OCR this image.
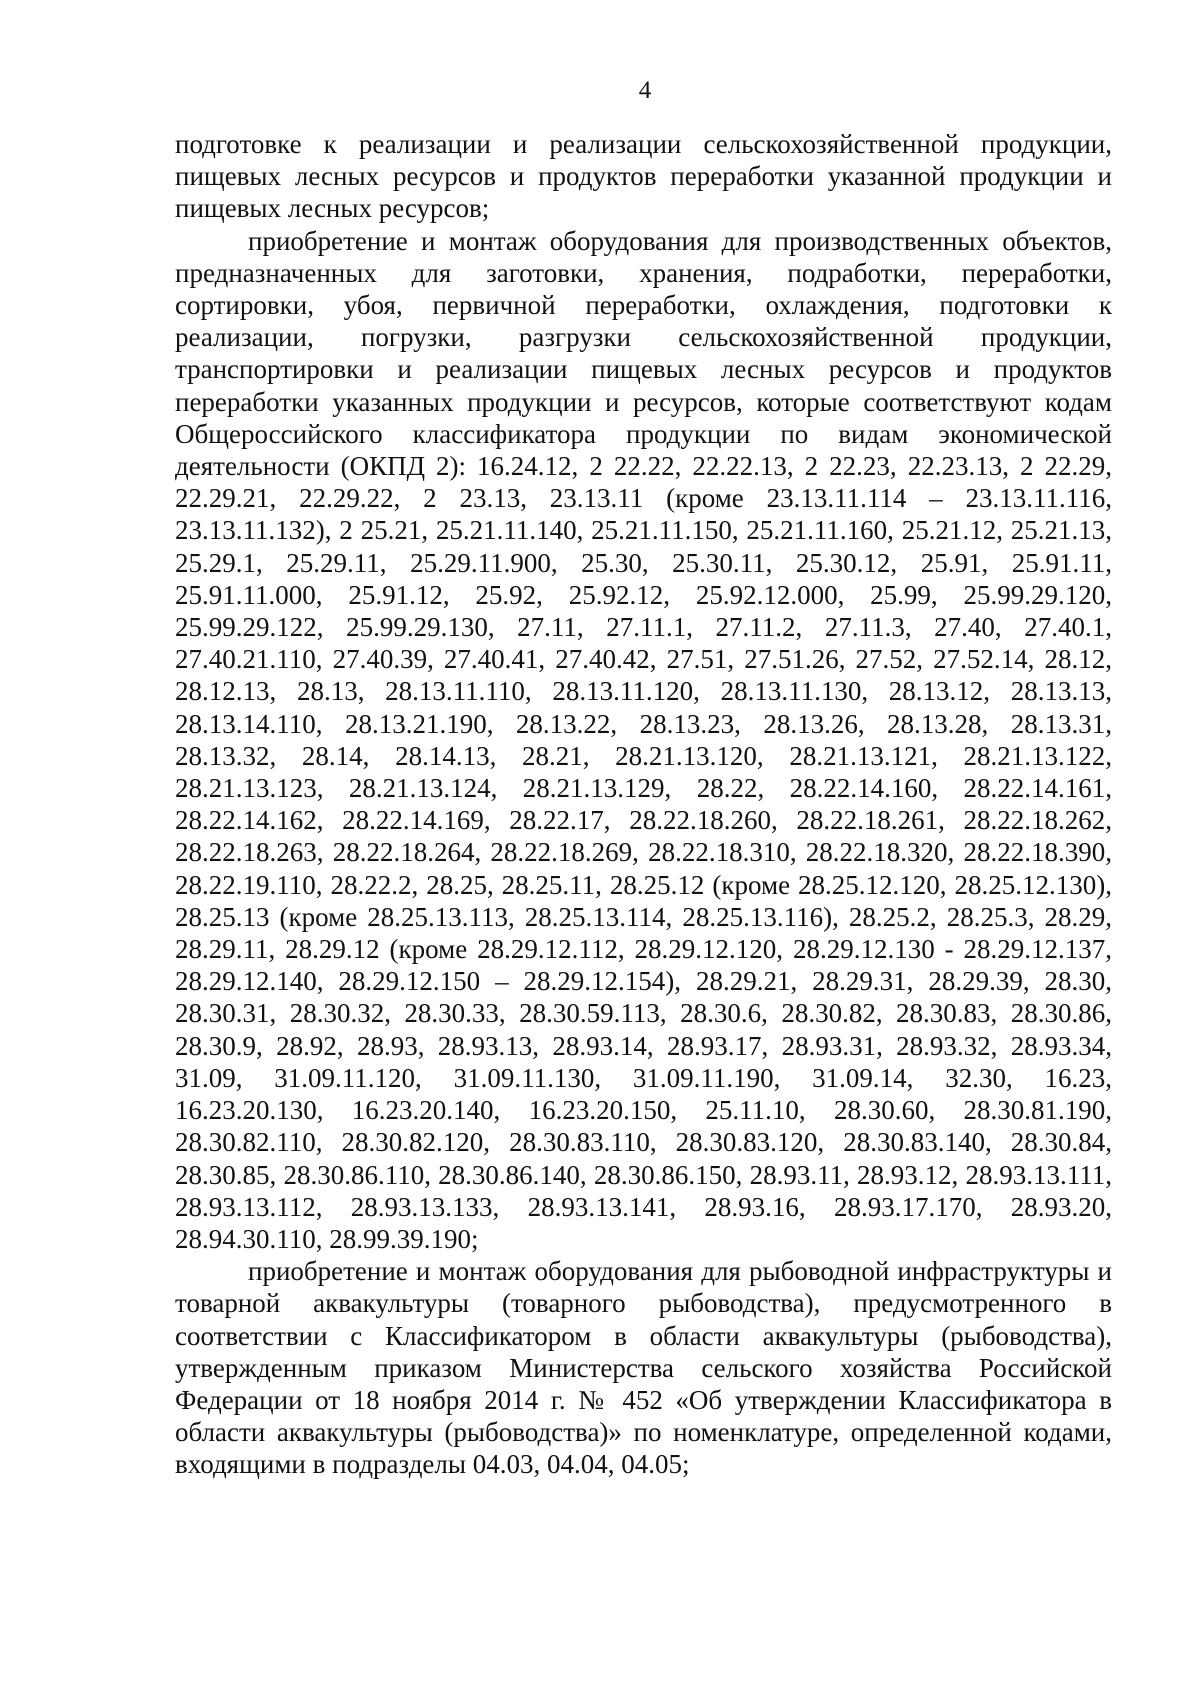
4

подготовке к реализации и реализации сельскохозяйственной продукции, пищевых лесных ресурсов и продуктов переработки указанной продукции и пищевых лесных ресурсов;

приобретение и монтаж оборудования для производственных объектов, предназначенных для заготовки, хранения, подработки, переработки, сортировки, убоя, первичной переработки, охлаждения, подготовки к реализации, погрузки, разгрузки сельскохозяйственной продукции, транспортировки и реализации пищевых лесных ресурсов и продуктов переработки указанных продукции и ресурсов, которые соответствуют кодам Общероссийского классификатора продукции по видам экономической деятельности (ОКПД 2): 16.24.12, 2 22.22, 22.22.13, 2 22.23, 22.23.13, 2 22.29, 22.29.21, 22.29.22, 2 23.13, 23.13.11 (кроме 23.13.11.114 – 23.13.11.116, 23.13.11.132), 2 25.21, 25.21.11.140, 25.21.11.150, 25.21.11.160, 25.21.12, 25.21.13, 25.29.1, 25.29.11, 25.29.11.900, 25.30, 25.30.11, 25.30.12, 25.91, 25.91.11, 25.91.11.000, 25.91.12, 25.92, 25.92.12, 25.92.12.000, 25.99, 25.99.29.120, 25.99.29.122, 25.99.29.130, 27.11, 27.11.1, 27.11.2, 27.11.3, 27.40, 27.40.1, 27.40.21.110, 27.40.39, 27.40.41, 27.40.42, 27.51, 27.51.26, 27.52, 27.52.14, 28.12, 28.12.13, 28.13, 28.13.11.110, 28.13.11.120, 28.13.11.130, 28.13.12, 28.13.13, 28.13.14.110, 28.13.21.190, 28.13.22, 28.13.23, 28.13.26, 28.13.28, 28.13.31, 28.13.32, 28.14, 28.14.13, 28.21, 28.21.13.120, 28.21.13.121, 28.21.13.122, 28.21.13.123, 28.21.13.124, 28.21.13.129, 28.22, 28.22.14.160, 28.22.14.161, 28.22.14.162, 28.22.14.169, 28.22.17, 28.22.18.260, 28.22.18.261, 28.22.18.262, 28.22.18.263, 28.22.18.264, 28.22.18.269, 28.22.18.310, 28.22.18.320, 28.22.18.390, 28.22.19.110, 28.22.2, 28.25, 28.25.11, 28.25.12 (кроме 28.25.12.120, 28.25.12.130), 28.25.13 (кроме 28.25.13.113, 28.25.13.114, 28.25.13.116), 28.25.2, 28.25.3, 28.29, 28.29.11, 28.29.12 (кроме 28.29.12.112, 28.29.12.120, 28.29.12.130 - 28.29.12.137, 28.29.12.140, 28.29.12.150 – 28.29.12.154), 28.29.21, 28.29.31, 28.29.39, 28.30, 28.30.31, 28.30.32, 28.30.33, 28.30.59.113, 28.30.6, 28.30.82, 28.30.83, 28.30.86, 28.30.9, 28.92, 28.93, 28.93.13, 28.93.14, 28.93.17, 28.93.31, 28.93.32, 28.93.34, 31.09, 31.09.11.120, 31.09.11.130, 31.09.11.190, 31.09.14, 32.30, 16.23, 16.23.20.130, 16.23.20.140, 16.23.20.150, 25.11.10, 28.30.60, 28.30.81.190, 28.30.82.110, 28.30.82.120, 28.30.83.110, 28.30.83.120, 28.30.83.140, 28.30.84, 28.30.85, 28.30.86.110, 28.30.86.140, 28.30.86.150, 28.93.11, 28.93.12, 28.93.13.111, 28.93.13.112, 28.93.13.133, 28.93.13.141, 28.93.16, 28.93.17.170, 28.93.20, 28.94.30.110, 28.99.39.190;

приобретение и монтаж оборудования для рыбоводной инфраструктуры и товарной аквакультуры (товарного рыбоводства), предусмотренного в соответствии с Классификатором в области аквакультуры (рыбоводства), утвержденным приказом Министерства сельского хозяйства Российской Федерации от 18 ноября 2014 г. № 452 «Об утверждении Классификатора в области аквакультуры (рыбоводства)» по номенклатуре, определенной кодами, входящими в подразделы 04.03, 04.04, 04.05;
